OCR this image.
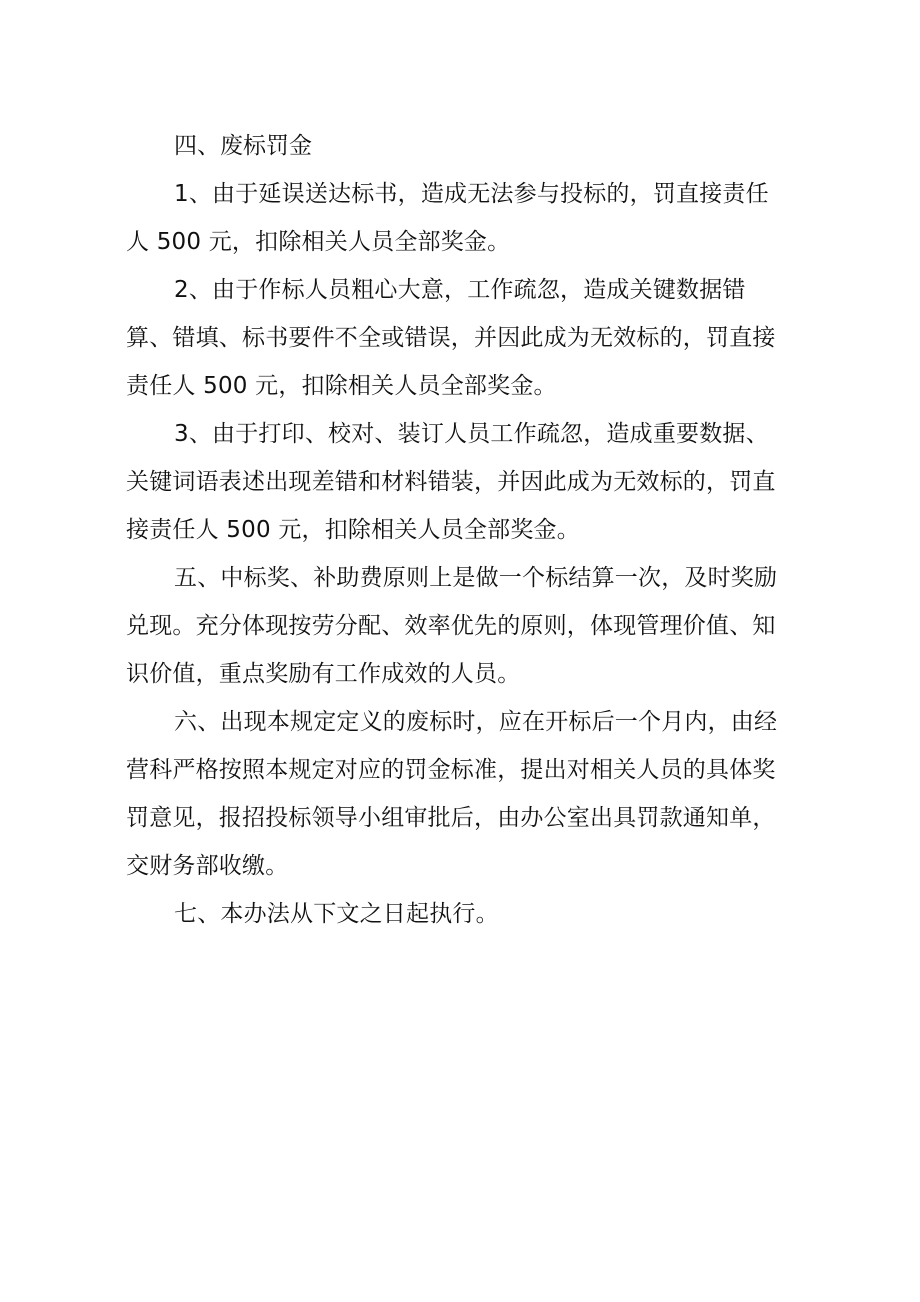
四、废标罚金

1、由于延误送达标书，造成无法参与投标的，罚直接责任人 500 元，扣除相关人员全部奖金。

2、由于作标人员粗心大意，工作疏忽，造成关键数据错算、错填、标书要件不全或错误，并因此成为无效标的，罚直接责任人 500 元，扣除相关人员全部奖金。

3、由于打印、校对、装订人员工作疏忽，造成重要数据、关键词语表述出现差错和材料错装，并因此成为无效标的，罚直接责任人 500 元，扣除相关人员全部奖金。

五、中标奖、补助费原则上是做一个标结算一次，及时奖励兑现。充分体现按劳分配、效率优先的原则，体现管理价值、知识价值，重点奖励有工作成效的人员。

六、出现本规定定义的废标时，应在开标后一个月内，由经营科严格按照本规定对应的罚金标准，提出对相关人员的具体奖罚意见，报招投标领导小组审批后，由办公室出具罚款通知单，交财务部收缴。

七、本办法从下文之日起执行。
